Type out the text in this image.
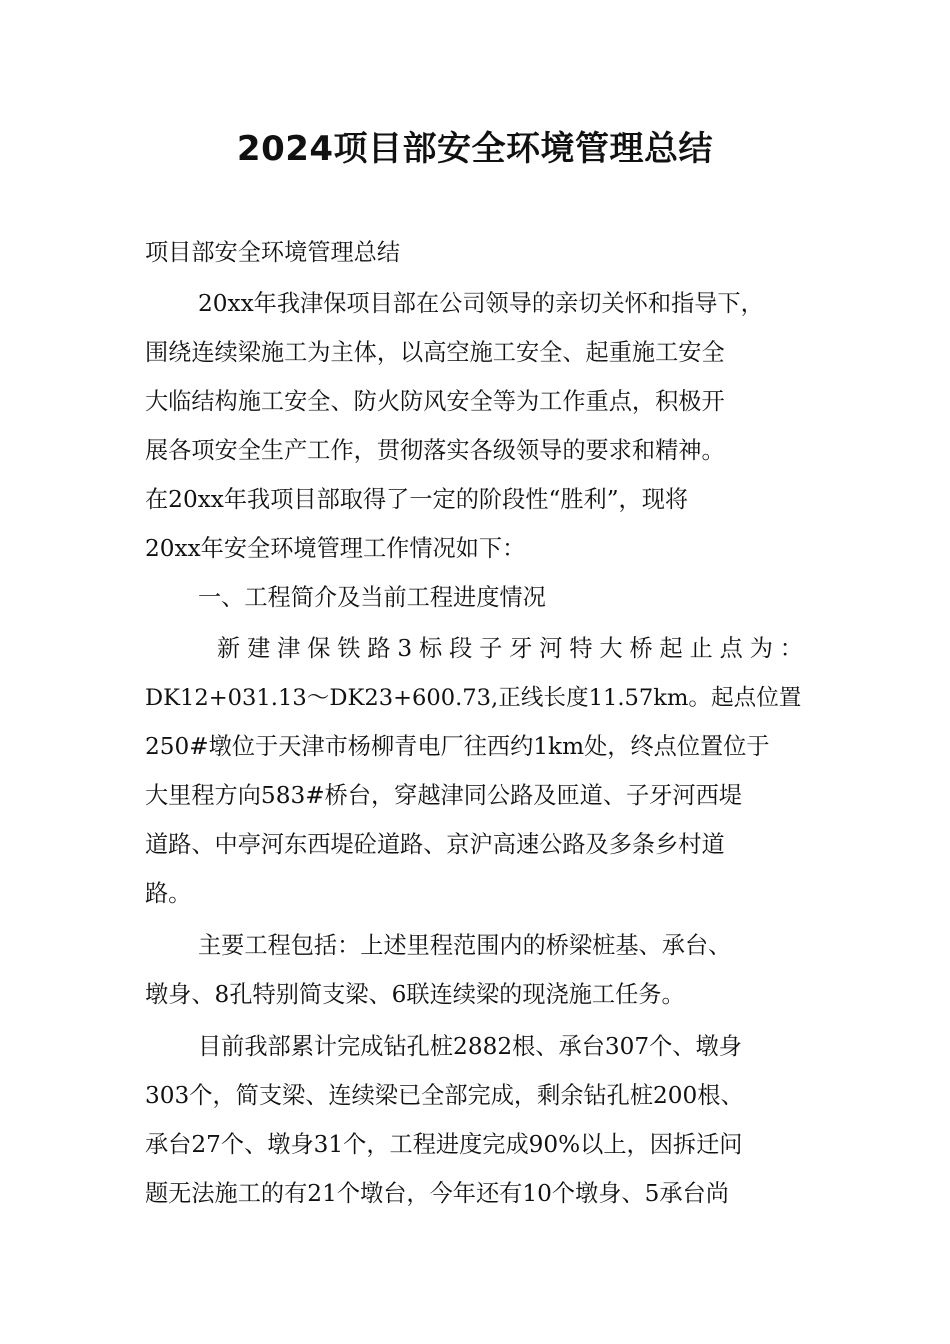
2024项目部安全环境管理总结

项目部安全环境管理总结

20xx年我津保项目部在公司领导的亲切关怀和指导下，

围绕连续梁施工为主体，以高空施工安全、起重施工安全

大临结构施工安全、防火防风安全等为工作重点，积极开

展各项安全生产工作，贯彻落实各级领导的要求和精神。

在20xx年我项目部取得了一定的阶段性“胜利”，现将

20xx年安全环境管理工作情况如下：

一、工程简介及当前工程进度情况

新建津保铁路3标段子牙河特大桥起止点为：

DK12+031.13～DK23+600.73,正线长度11.57km。起点位置

250#墩位于天津市杨柳青电厂往西约1km处，终点位置位于

大里程方向583#桥台，穿越津同公路及匝道、子牙河西堤

道路、中亭河东西堤砼道路、京沪高速公路及多条乡村道

路。

主要工程包括：上述里程范围内的桥梁桩基、承台、

墩身、8孔特别简支梁、6联连续梁的现浇施工任务。

目前我部累计完成钻孔桩2882根、承台307个、墩身

303个，简支梁、连续梁已全部完成，剩余钻孔桩200根、

承台27个、墩身31个，工程进度完成90%以上，因拆迁问

题无法施工的有21个墩台，今年还有10个墩身、5承台尚
